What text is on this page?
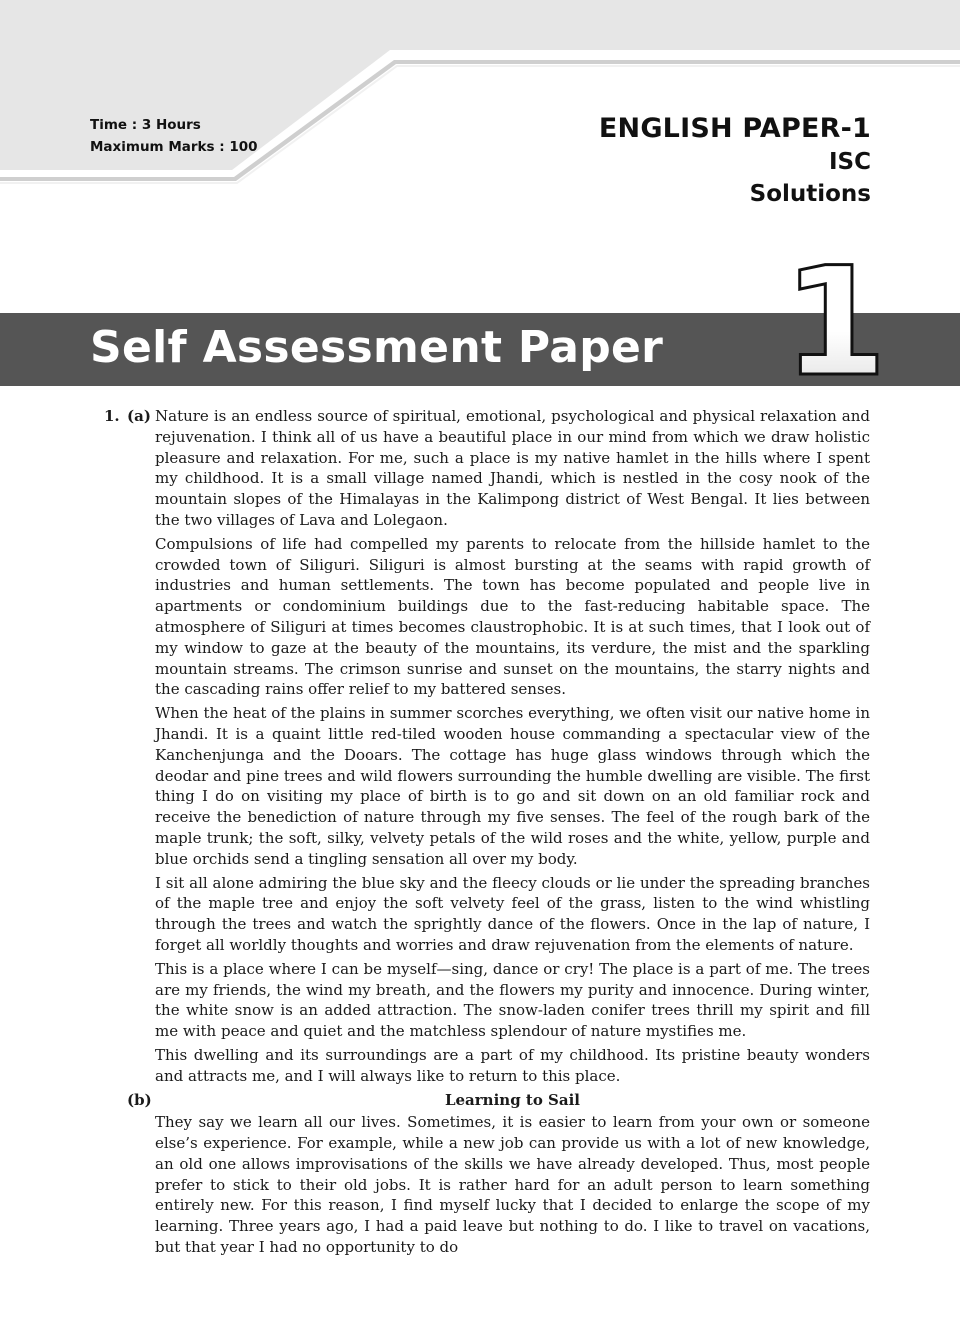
Time : 3 Hours
Maximum Marks : 100
ENGLISH PAPER-1
ISC
Solutions
Self Assessment Paper 1
1. (a) Nature is an endless source of spiritual, emotional, psychological and physical relaxation and rejuvenation. I think all of us have a beautiful place in our mind from which we draw holistic pleasure and relaxation. For me, such a place is my native hamlet in the hills where I spent my childhood. It is a small village named Jhandi, which is nestled in the cosy nook of the mountain slopes of the Himalayas in the Kalimpong district of West Bengal. It lies between the two villages of Lava and Lolegaon.

Compulsions of life had compelled my parents to relocate from the hillside hamlet to the crowded town of Siliguri. Siliguri is almost bursting at the seams with rapid growth of industries and human settlements. The town has become populated and people live in apartments or condominium buildings due to the fast-reducing habitable space. The atmosphere of Siliguri at times becomes claustrophobic. It is at such times, that I look out of my window to gaze at the beauty of the mountains, its verdure, the mist and the sparkling mountain streams. The crimson sunrise and sunset on the mountains, the starry nights and the cascading rains offer relief to my battered senses.

When the heat of the plains in summer scorches everything, we often visit our native home in Jhandi. It is a quaint little red-tiled wooden house commanding a spectacular view of the Kanchenjunga and the Dooars. The cottage has huge glass windows through which the deodar and pine trees and wild flowers surrounding the humble dwelling are visible. The first thing I do on visiting my place of birth is to go and sit down on an old familiar rock and receive the benediction of nature through my five senses. The feel of the rough bark of the maple trunk; the soft, silky, velvety petals of the wild roses and the white, yellow, purple and blue orchids send a tingling sensation all over my body.

I sit all alone admiring the blue sky and the fleecy clouds or lie under the spreading branches of the maple tree and enjoy the soft velvety feel of the grass, listen to the wind whistling through the trees and watch the sprightly dance of the flowers. Once in the lap of nature, I forget all worldly thoughts and worries and draw rejuvenation from the elements of nature.

This is a place where I can be myself—sing, dance or cry! The place is a part of me. The trees are my friends, the wind my breath, and the flowers my purity and innocence. During winter, the white snow is an added attraction. The snow-laden conifer trees thrill my spirit and fill me with peace and quiet and the matchless splendour of nature mystifies me.

This dwelling and its surroundings are a part of my childhood. Its pristine beauty wonders and attracts me, and I will always like to return to this place.

(b)	Learning to Sail

They say we learn all our lives. Sometimes, it is easier to learn from your own or someone else’s experience. For example, while a new job can provide us with a lot of new knowledge, an old one allows improvisations of the skills we have already developed. Thus, most people prefer to stick to their old jobs. It is rather hard for an adult person to learn something entirely new. For this reason, I find myself lucky that I decided to enlarge the scope of my learning. Three years ago, I had a paid leave but nothing to do. I like to travel on vacations, but that year I had no opportunity to do
